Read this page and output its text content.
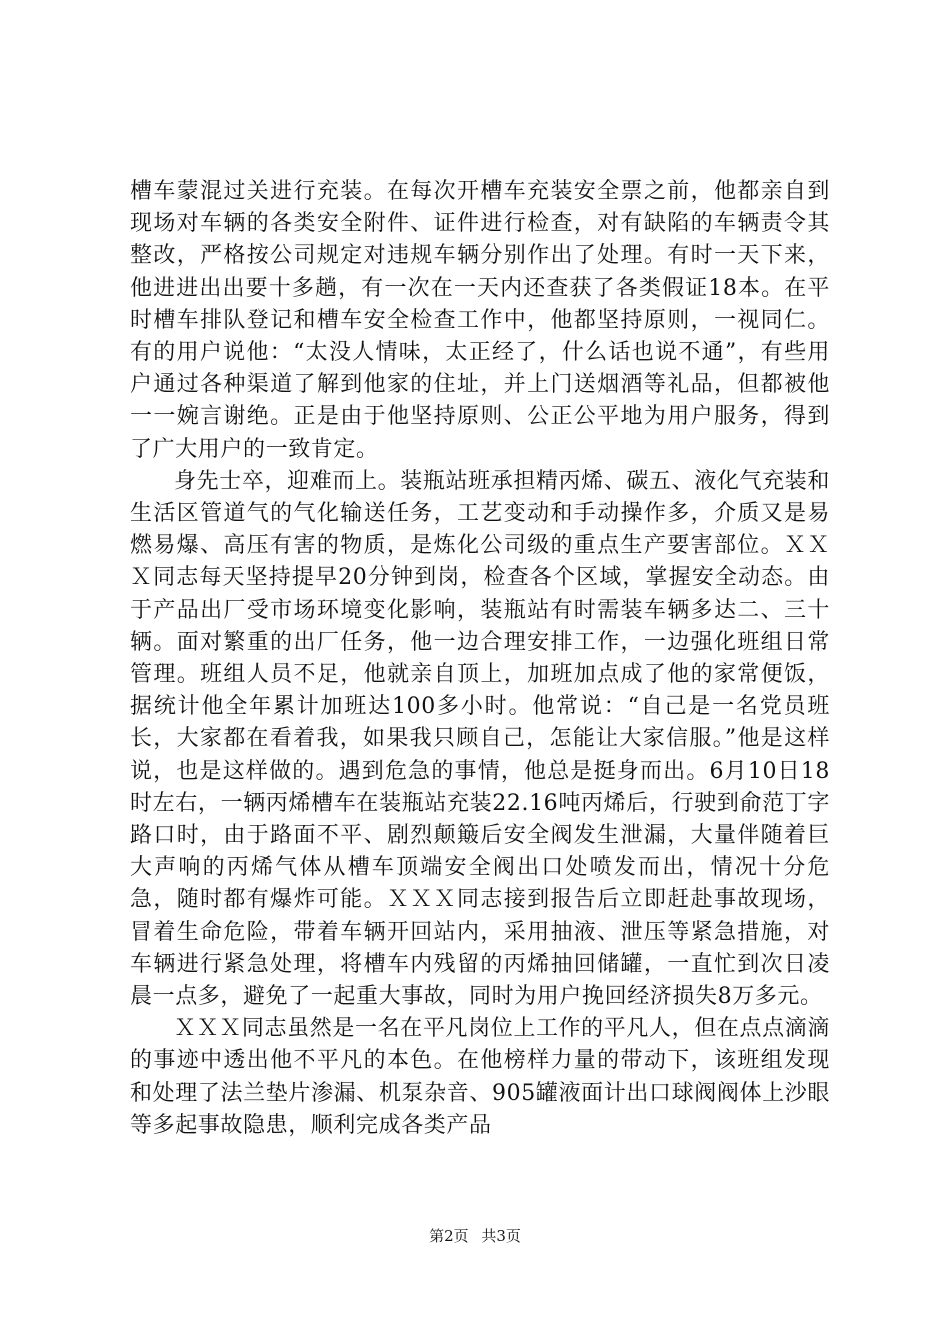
槽车蒙混过关进行充装。在每次开槽车充装安全票之前，他都亲自到现场对车辆的各类安全附件、证件进行检查，对有缺陷的车辆责令其整改，严格按公司规定对违规车辆分别作出了处理。有时一天下来，他进进出出要十多趟，有一次在一天内还查获了各类假证18本。在平时槽车排队登记和槽车安全检查工作中，他都坚持原则，一视同仁。有的用户说他：“太没人情味，太正经了，什么话也说不通”，有些用户通过各种渠道了解到他家的住址，并上门送烟酒等礼品，但都被他一一婉言谢绝。正是由于他坚持原则、公正公平地为用户服务，得到了广大用户的一致肯定。

身先士卒，迎难而上。装瓶站班承担精丙烯、碳五、液化气充装和生活区管道气的气化输送任务，工艺变动和手动操作多，介质又是易燃易爆、高压有害的物质，是炼化公司级的重点生产要害部位。ＸＸＸ同志每天坚持提早20分钟到岗，检查各个区域，掌握安全动态。由于产品出厂受市场环境变化影响，装瓶站有时需装车辆多达二、三十辆。面对繁重的出厂任务，他一边合理安排工作，一边强化班组日常管理。班组人员不足，他就亲自顶上，加班加点成了他的家常便饭，据统计他全年累计加班达100多小时。他常说：“自己是一名党员班长，大家都在看着我，如果我只顾自己，怎能让大家信服。”他是这样说，也是这样做的。遇到危急的事情，他总是挺身而出。6月10日18时左右，一辆丙烯槽车在装瓶站充装22.16吨丙烯后，行驶到俞范丁字路口时，由于路面不平、剧烈颠簸后安全阀发生泄漏，大量伴随着巨大声响的丙烯气体从槽车顶端安全阀出口处喷发而出，情况十分危急，随时都有爆炸可能。ＸＸＸ同志接到报告后立即赶赴事故现场，冒着生命危险，带着车辆开回站内，采用抽液、泄压等紧急措施，对车辆进行紧急处理，将槽车内残留的丙烯抽回储罐，一直忙到次日凌晨一点多，避免了一起重大事故，同时为用户挽回经济损失8万多元。

ＸＸＸ同志虽然是一名在平凡岗位上工作的平凡人，但在点点滴滴的事迹中透出他不平凡的本色。在他榜样力量的带动下，该班组发现和处理了法兰垫片渗漏、机泵杂音、905罐液面计出口球阀阀体上沙眼等多起事故隐患，顺利完成各类产品

第2页 共3页
